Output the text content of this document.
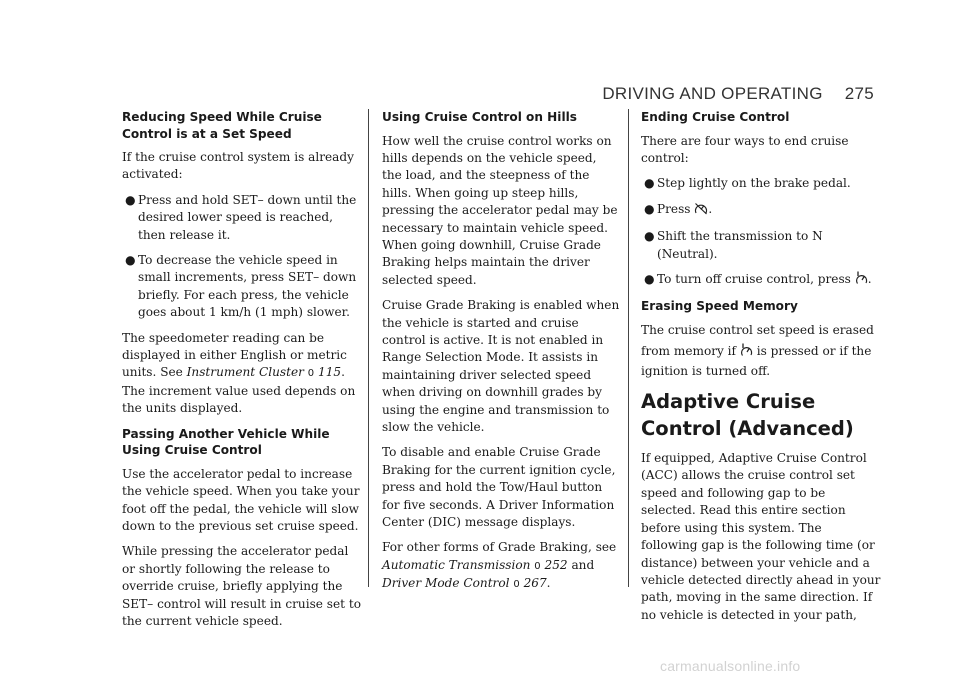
DRIVING AND OPERATING 275
Reducing Speed While Cruise Control is at a Set Speed

If the cruise control system is already activated:

● Press and hold SET– down until the desired lower speed is reached, then release it.
● To decrease the vehicle speed in small increments, press SET– down briefly. For each press, the vehicle goes about 1 km/h (1 mph) slower.

The speedometer reading can be displayed in either English or metric units. See Instrument Cluster 0 115. The increment value used depends on the units displayed.

Passing Another Vehicle While Using Cruise Control

Use the accelerator pedal to increase the vehicle speed. When you take your foot off the pedal, the vehicle will slow down to the previous set cruise speed.

While pressing the accelerator pedal or shortly following the release to override cruise, briefly applying the SET– control will result in cruise set to the current vehicle speed.

Using Cruise Control on Hills

How well the cruise control works on hills depends on the vehicle speed, the load, and the steepness of the hills. When going up steep hills, pressing the accelerator pedal may be necessary to maintain vehicle speed. When going downhill, Cruise Grade Braking helps maintain the driver selected speed.

Cruise Grade Braking is enabled when the vehicle is started and cruise control is active. It is not enabled in Range Selection Mode. It assists in maintaining driver selected speed when driving on downhill grades by using the engine and transmission to slow the vehicle.

To disable and enable Cruise Grade Braking for the current ignition cycle, press and hold the Tow/Haul button for five seconds. A Driver Information Center (DIC) message displays.

For other forms of Grade Braking, see Automatic Transmission 0 252 and Driver Mode Control 0 267.

Ending Cruise Control

There are four ways to end cruise control:

● Step lightly on the brake pedal.
● Press .
● Shift the transmission to N (Neutral).
● To turn off cruise control, press .
Erasing Speed Memory

The cruise control set speed is erased

from memory if  is pressed or if the ignition is turned off.

Adaptive Cruise Control (Advanced)

If equipped, Adaptive Cruise Control (ACC) allows the cruise control set speed and following gap to be selected. Read this entire section before using this system. The following gap is the following time (or distance) between your vehicle and a vehicle detected directly ahead in your path, moving in the same direction. If no vehicle is detected in your path,

carmanualsonline.info
